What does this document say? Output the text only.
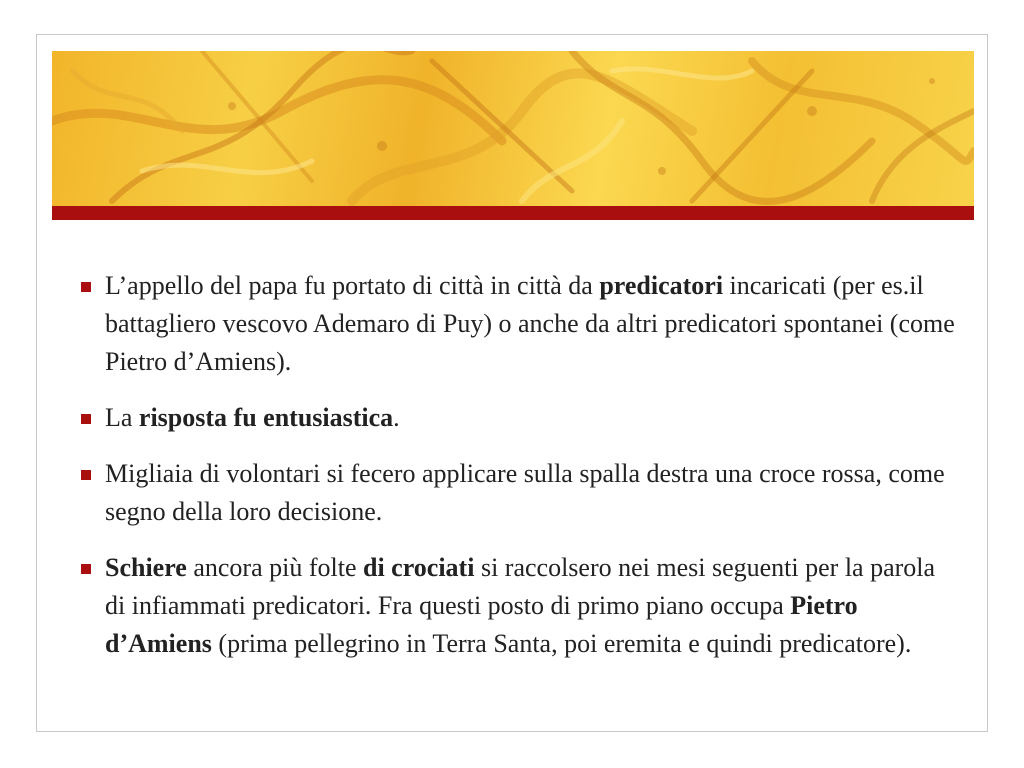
L’appello del papa fu portato di città in città da predicatori incaricati (per es.il battagliero vescovo Ademaro di Puy) o anche da altri predicatori spontanei (come Pietro d’Amiens).
La risposta fu entusiastica.
Migliaia di volontari si fecero applicare sulla spalla destra una croce rossa, come segno della loro decisione.
Schiere ancora più folte di crociati si raccolsero nei mesi seguenti per la parola di infiammati predicatori. Fra questi posto di primo piano occupa Pietro d’Amiens (prima pellegrino in Terra Santa, poi eremita e quindi predicatore).
